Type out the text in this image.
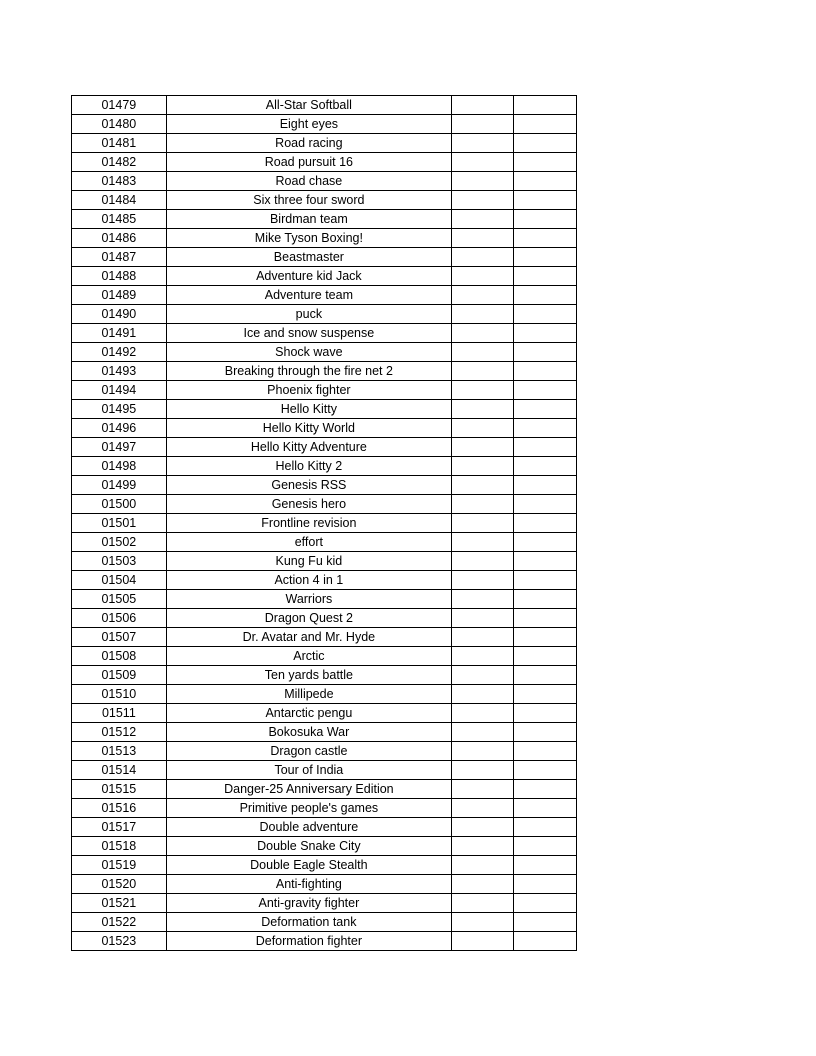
01479	All-Star Softball		
01480	Eight eyes		
01481	Road racing		
01482	Road pursuit 16		
01483	Road chase		
01484	Six three four sword		
01485	Birdman team		
01486	Mike Tyson Boxing!		
01487	Beastmaster		
01488	Adventure kid Jack		
01489	Adventure team		
01490	puck		
01491	Ice and snow suspense		
01492	Shock wave		
01493	Breaking through the fire net 2		
01494	Phoenix fighter		
01495	Hello Kitty		
01496	Hello Kitty World		
01497	Hello Kitty Adventure		
01498	Hello Kitty 2		
01499	Genesis RSS		
01500	Genesis hero		
01501	Frontline revision		
01502	effort		
01503	Kung Fu kid		
01504	Action 4 in 1		
01505	Warriors		
01506	Dragon Quest 2		
01507	Dr. Avatar and Mr. Hyde		
01508	Arctic		
01509	Ten yards battle		
01510	Millipede		
01511	Antarctic pengu		
01512	Bokosuka War		
01513	Dragon castle		
01514	Tour of India		
01515	Danger-25 Anniversary Edition		
01516	Primitive people's games		
01517	Double adventure		
01518	Double Snake City		
01519	Double Eagle Stealth		
01520	Anti-fighting		
01521	Anti-gravity fighter		
01522	Deformation tank		
01523	Deformation fighter		
